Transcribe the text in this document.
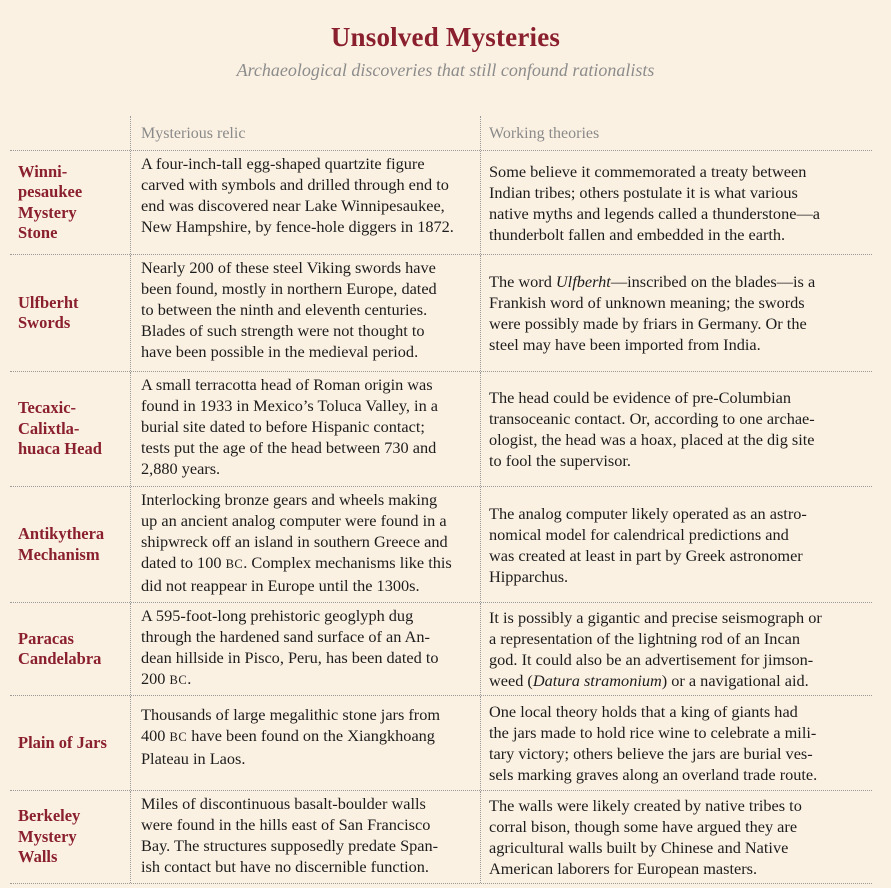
Unsolved Mysteries
Archaeological discoveries that still confound rationalists
Mysterious relic	Working theories
Winni-
pesaukee
Mystery
Stone
A four-inch-tall egg-shaped quartzite figure
carved with symbols and drilled through end to
end was discovered near Lake Winnipesaukee,
New Hampshire, by fence-hole diggers in 1872.
Some believe it commemorated a treaty between
Indian tribes; others postulate it is what various
native myths and legends called a thunderstone—a
thunderbolt fallen and embedded in the earth.
Ulfberht
Swords
Nearly 200 of these steel Viking swords have
been found, mostly in northern Europe, dated
to between the ninth and eleventh centuries.
Blades of such strength were not thought to
have been possible in the medieval period.
The word Ulfberht—inscribed on the blades—is a
Frankish word of unknown meaning; the swords
were possibly made by friars in Germany. Or the
steel may have been imported from India.
Tecaxic-
Calixtla-
huaca Head
A small terracotta head of Roman origin was
found in 1933 in Mexico’s Toluca Valley, in a
burial site dated to before Hispanic contact;
tests put the age of the head between 730 and
2,880 years.
The head could be evidence of pre-Columbian
transoceanic contact. Or, according to one archae-
ologist, the head was a hoax, placed at the dig site
to fool the supervisor.
Antikythera
Mechanism
Interlocking bronze gears and wheels making
up an ancient analog computer were found in a
shipwreck off an island in southern Greece and
dated to 100 BC. Complex mechanisms like this
did not reappear in Europe until the 1300s.
The analog computer likely operated as an astro-
nomical model for calendrical predictions and
was created at least in part by Greek astronomer
Hipparchus.
Paracas
Candelabra
A 595-foot-long prehistoric geoglyph dug
through the hardened sand surface of an An-
dean hillside in Pisco, Peru, has been dated to
200 BC.
It is possibly a gigantic and precise seismograph or
a representation of the lightning rod of an Incan
god. It could also be an advertisement for jimson-
weed (Datura stramonium) or a navigational aid.
Plain of Jars
Thousands of large megalithic stone jars from
400 BC have been found on the Xiangkhoang
Plateau in Laos.
One local theory holds that a king of giants had
the jars made to hold rice wine to celebrate a mili-
tary victory; others believe the jars are burial ves-
sels marking graves along an overland trade route.
Berkeley
Mystery
Walls
Miles of discontinuous basalt-boulder walls
were found in the hills east of San Francisco
Bay. The structures supposedly predate Span-
ish contact but have no discernible function.
The walls were likely created by native tribes to
corral bison, though some have argued they are
agricultural walls built by Chinese and Native
American laborers for European masters.
